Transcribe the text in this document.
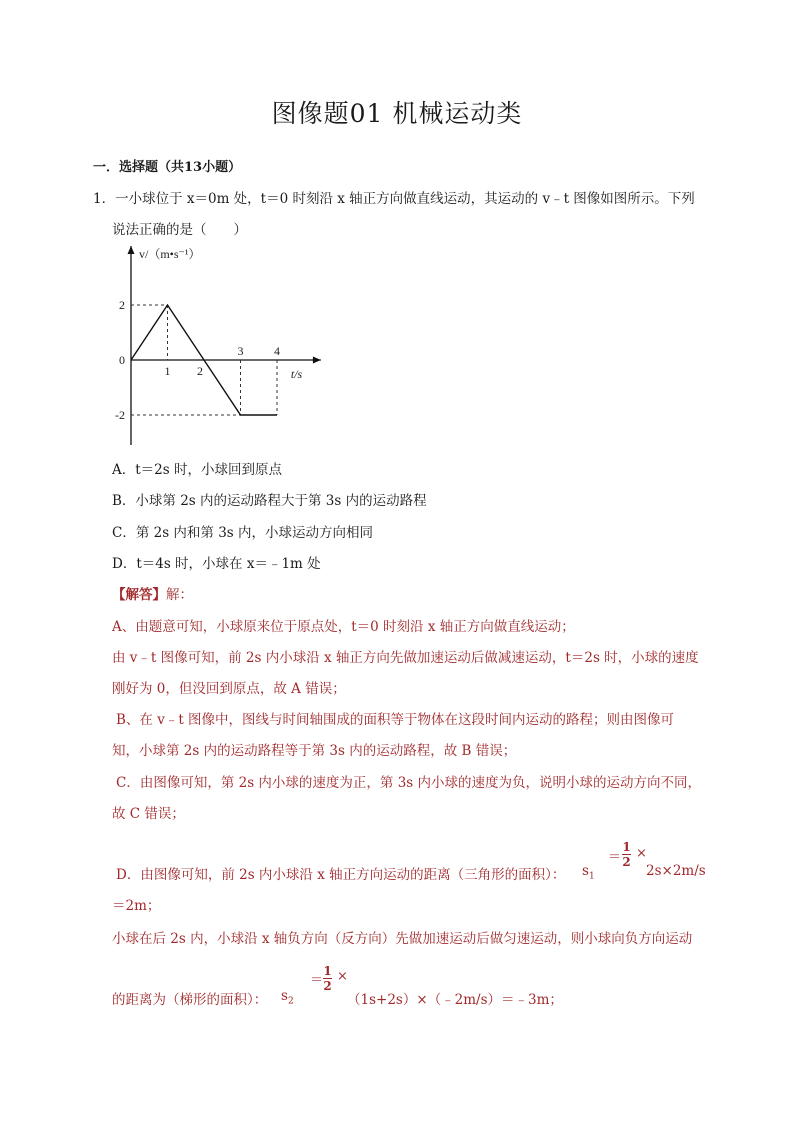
图像题01 机械运动类
一．选择题（共13小题）
1．一小球位于 x＝0m 处，t＝0 时刻沿 x 轴正方向做直线运动，其运动的 v﹣t 图像如图所示。下列
说法正确的是（　　）
v/（m•s⁻¹）
t/s
1 2
3	4
2
0
-2
A．t＝2s 时，小球回到原点
B．小球第 2s 内的运动路程大于第 3s 内的运动路程
C．第 2s 内和第 3s 内，小球运动方向相同
D．t＝4s 时，小球在 x＝﹣1m 处
【解答】解：
A、由题意可知，小球原来位于原点处，t＝0 时刻沿 x 轴正方向做直线运动；
由 v﹣t 图像可知，前 2s 内小球沿 x 轴正方向先做加速运动后做减速运动，t＝2s 时，小球的速度
刚好为 0，但没回到原点，故 A 错误；
B、在 v﹣t 图像中，图线与时间轴围成的面积等于物体在这段时间内运动的路程；则由图像可
知，小球第 2s 内的运动路程等于第 3s 内的运动路程，故 B 错误；
C．由图像可知，第 2s 内小球的速度为正，第 3s 内小球的速度为负，说明小球的运动方向不同，
故 C 错误；
D．由图像可知，前 2s 内小球沿 x 轴正方向运动的距离（三角形的面积）： $s_1$
＝
1
2
×
2s×2m/s
＝2m；
小球在后 2s 内，小球沿 x 轴负方向（反方向）先做加速运动后做匀速运动，则小球向负方向运动
的距离为（梯形的面积）： $s_2$
＝
1
2
×
（1s+2s）×（﹣2m/s）＝﹣3m；
